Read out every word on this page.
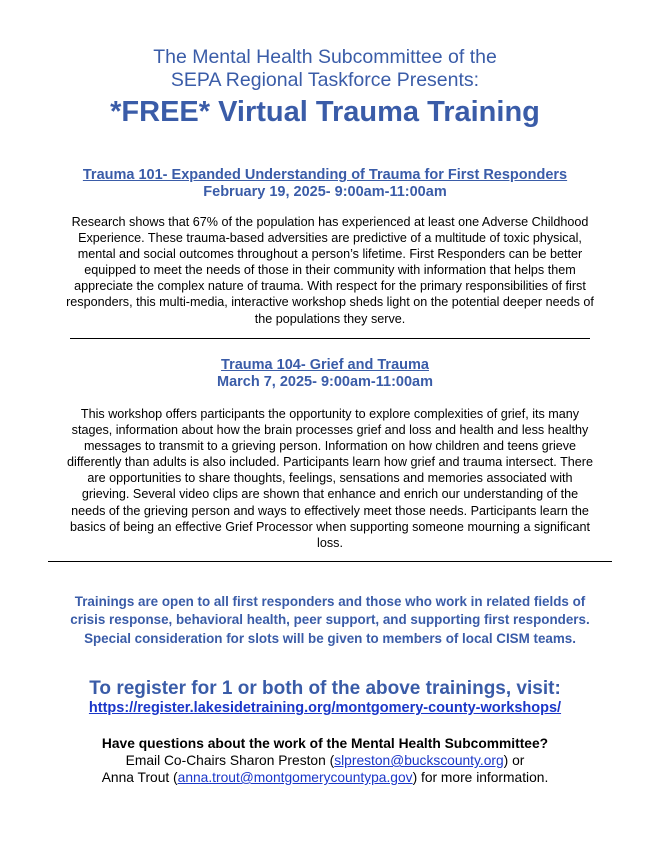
The Mental Health Subcommittee of the
SEPA Regional Taskforce Presents:
*FREE* Virtual Trauma Training
Trauma 101- Expanded Understanding of Trauma for First Responders
February 19, 2025- 9:00am-11:00am
Research shows that 67% of the population has experienced at least one Adverse Childhood
Experience. These trauma-based adversities are predictive of a multitude of toxic physical,
mental and social outcomes throughout a person’s lifetime. First Responders can be better
equipped to meet the needs of those in their community with information that helps them
appreciate the complex nature of trauma. With respect for the primary responsibilities of first
responders, this multi-media, interactive workshop sheds light on the potential deeper needs of
the populations they serve.
Trauma 104- Grief and Trauma
March 7, 2025- 9:00am-11:00am
This workshop offers participants the opportunity to explore complexities of grief, its many
stages, information about how the brain processes grief and loss and health and less healthy
messages to transmit to a grieving person. Information on how children and teens grieve
differently than adults is also included. Participants learn how grief and trauma intersect. There
are opportunities to share thoughts, feelings, sensations and memories associated with
grieving. Several video clips are shown that enhance and enrich our understanding of the
needs of the grieving person and ways to effectively meet those needs. Participants learn the
basics of being an effective Grief Processor when supporting someone mourning a significant
loss.
Trainings are open to all first responders and those who work in related fields of
crisis response, behavioral health, peer support, and supporting first responders.
Special consideration for slots will be given to members of local CISM teams.
To register for 1 or both of the above trainings, visit:
https://register.lakesidetraining.org/montgomery-county-workshops/
Have questions about the work of the Mental Health Subcommittee?
Email Co-Chairs Sharon Preston (slpreston@buckscounty.org) or
Anna Trout (anna.trout@montgomerycountypa.gov) for more information.
